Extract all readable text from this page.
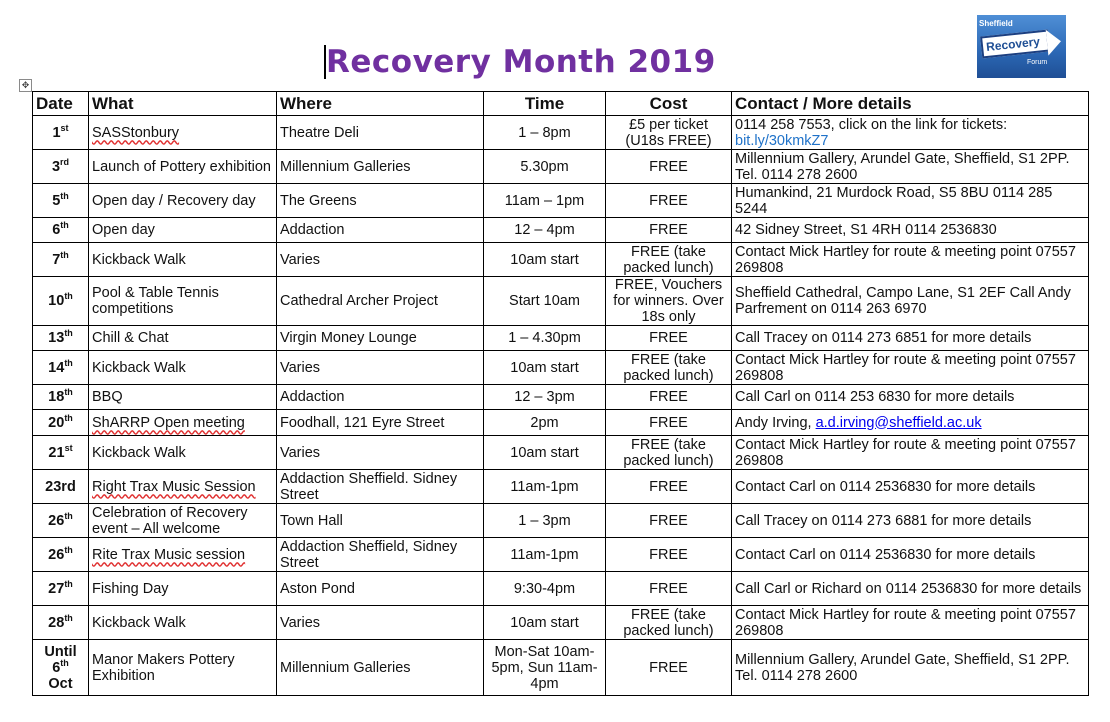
Recovery Month 2019
✥
Sheffield
Recovery
Forum
Date	What	Where	Time	Cost	Contact / More details
1st	SASStonbury	Theatre Deli	1 – 8pm	£5 per ticket (U18s FREE)	0114 258 7553, click on the link for tickets:
bit.ly/30kmkZ7
3rd	Launch of Pottery exhibition	Millennium Galleries	5.30pm	FREE	Millennium Gallery, Arundel Gate, Sheffield, S1 2PP. Tel. 0114 278 2600
5th	Open day / Recovery day	The Greens	11am – 1pm	FREE	Humankind, 21 Murdock Road, S5 8BU 0114 285 5244
6th	Open day	Addaction	12 – 4pm	FREE	42 Sidney Street, S1 4RH 0114 2536830
7th	Kickback Walk	Varies	10am start	FREE (take packed lunch)	Contact Mick Hartley for route & meeting point 07557 269808
10th	Pool & Table Tennis competitions	Cathedral Archer Project	Start 10am	FREE, Vouchers for winners. Over 18s only	Sheffield Cathedral, Campo Lane, S1 2EF Call Andy Parfrement on 0114 263 6970
13th	Chill & Chat	Virgin Money Lounge	1 – 4.30pm	FREE	Call Tracey on 0114 273 6851 for more details
14th	Kickback Walk	Varies	10am start	FREE (take packed lunch)	Contact Mick Hartley for route & meeting point 07557 269808
18th	BBQ	Addaction	12 – 3pm	FREE	Call Carl on 0114 253 6830 for more details
20th	ShARRP Open meeting	Foodhall, 121 Eyre Street	2pm	FREE	Andy Irving, a.d.irving@sheffield.ac.uk
21st	Kickback Walk	Varies	10am start	FREE (take packed lunch)	Contact Mick Hartley for route & meeting point 07557 269808
23rd	Right Trax Music Session	Addaction Sheffield. Sidney Street	11am-1pm	FREE	Contact Carl on 0114 2536830 for more details
26th	Celebration of Recovery event – All welcome	Town Hall	1 – 3pm	FREE	Call Tracey on 0114 273 6881 for more details
26th	Rite Trax Music session	Addaction Sheffield, Sidney Street	11am-1pm	FREE	Contact Carl on 0114 2536830 for more details
27th	Fishing Day	Aston Pond	9:30-4pm	FREE	Call Carl or Richard on 0114 2536830 for more details
28th	Kickback Walk	Varies	10am start	FREE (take packed lunch)	Contact Mick Hartley for route & meeting point 07557 269808
Until
6th
Oct	Manor Makers Pottery Exhibition	Millennium Galleries	Mon-Sat 10am-5pm, Sun 11am-4pm	FREE	Millennium Gallery, Arundel Gate, Sheffield, S1 2PP. Tel. 0114 278 2600
